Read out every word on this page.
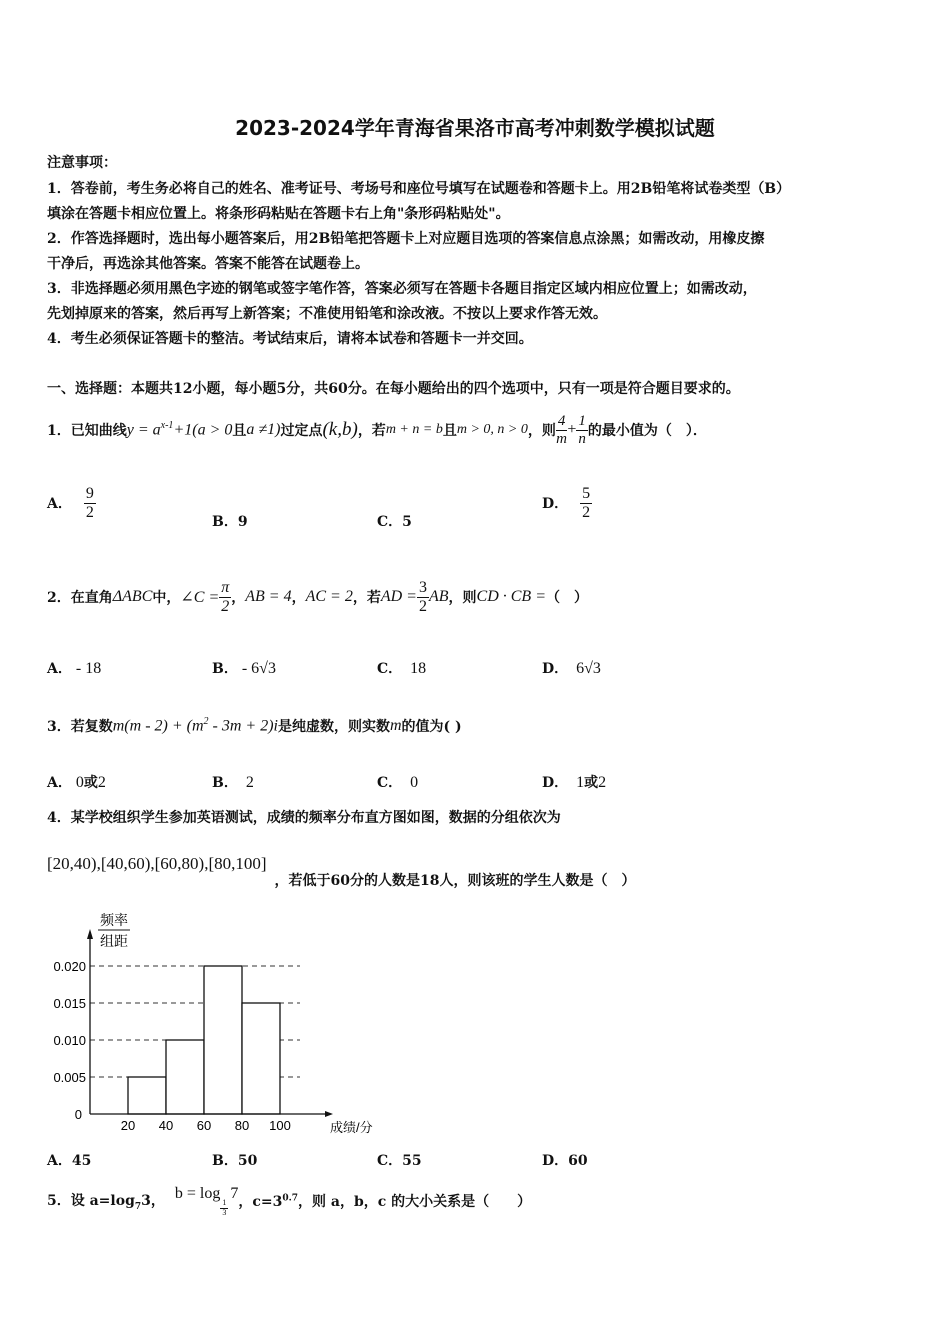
2023-2024学年青海省果洛市高考冲刺数学模拟试题
注意事项：
1．答卷前，考生务必将自己的姓名、准考证号、考场号和座位号填写在试题卷和答题卡上。用2B铅笔将试卷类型（B）
填涂在答题卡相应位置上。将条形码粘贴在答题卡右上角"条形码粘贴处"。
2．作答选择题时，选出每小题答案后，用2B铅笔把答题卡上对应题目选项的答案信息点涂黑；如需改动，用橡皮擦
干净后，再选涂其他答案。答案不能答在试题卷上。
3．非选择题必须用黑色字迹的钢笔或签字笔作答，答案必须写在答题卡各题目指定区域内相应位置上；如需改动，
先划掉原来的答案，然后再写上新答案；不准使用铅笔和涂改液。不按以上要求作答无效。
4．考生必须保证答题卡的整洁。考试结束后，请将本试卷和答题卡一并交回。
一、选择题：本题共12小题，每小题5分，共60分。在每小题给出的四个选项中，只有一项是符合题目要求的。
1．已知曲线 $y = a^{x-1}+1(a > 0$ 且 a ≠1) 过定点 (k,b) ，若 m + n = b 且 m > 0, n > 0 ，则 $\frac{4}{m} + \frac{1}{n}$ 的最小值为（　）．
A． $\frac{9}{2}$
B．9	C．5
D． $\frac{5}{2}$
2．在直角 ΔABC 中， ∠C = $\frac{\pi}{2}$ ， AB = 4 ， AC = 2 ，若 AD = $\frac{3}{2}$ AB ，则 CD · CB = （　）
A． - 18	B． - 6√3	C． 18	D． 6√3
3．若复数 $m(m - 2) + (m^2 - 3m + 2)i$ 是纯虚数，则实数 m 的值为( )
A． 0或2	B． 2	C． 0	D． 1或2
4．某学校组织学生参加英语测试，成绩的频率分布直方图如图，数据的分组依次为
[20,40),[40,60),[60,80),[80,100]
，若低于60分的人数是18人，则该班的学生人数是（　）
频率
组距
0.020
0.015
0.010
0.005
0
20 40 60 80 100	成绩/分
A．45	B．50	C．55	D．60
5．设 $a=\log_73$， b = log
$\frac{1}{3}$
7
，$c=3^{0.7}$，则 a，b，c 的大小关系是（　　）
